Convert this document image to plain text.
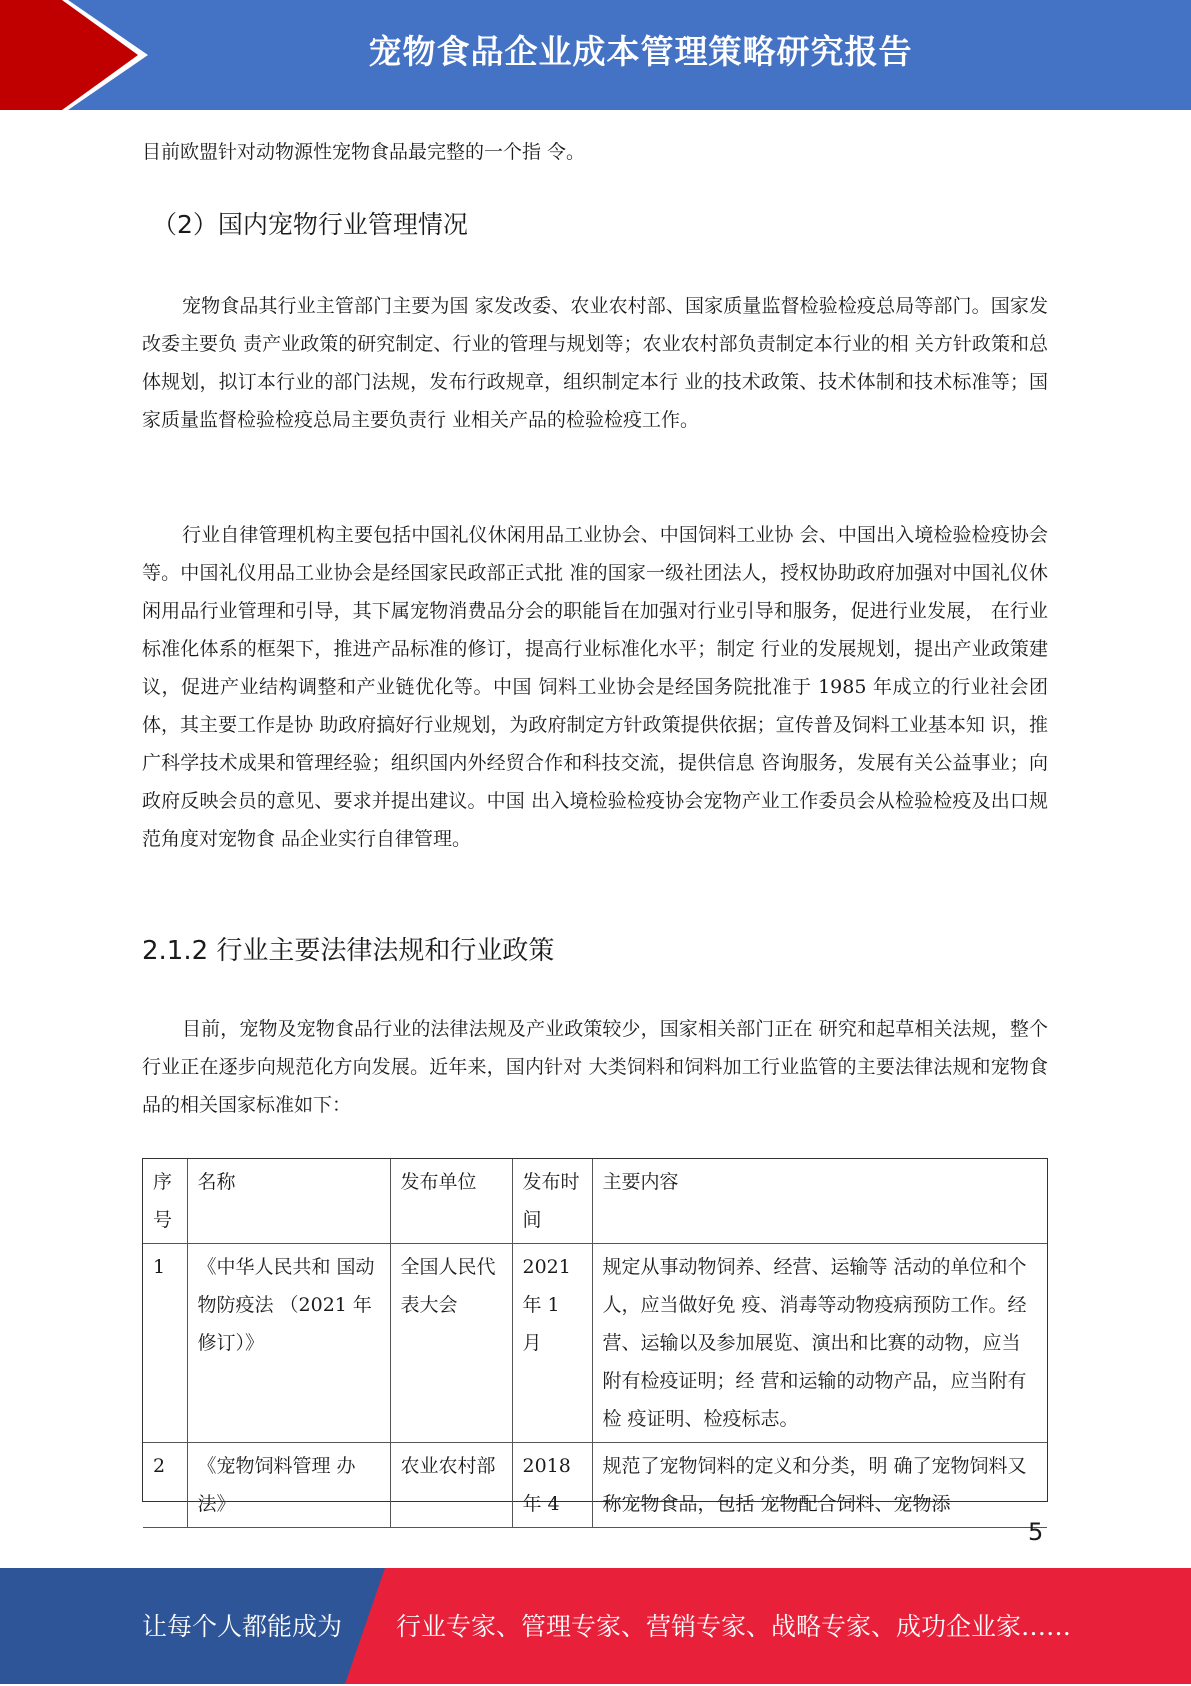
宠物食品企业成本管理策略研究报告

目前欧盟针对动物源性宠物食品最完整的一个指 令。

（2）国内宠物行业管理情况

宠物食品其行业主管部门主要为国 家发改委、农业农村部、国家质量监督检验检疫总局等部门。国家发改委主要负 责产业政策的研究制定、行业的管理与规划等；农业农村部负责制定本行业的相 关方针政策和总体规划，拟订本行业的部门法规，发布行政规章，组织制定本行 业的技术政策、技术体制和技术标准等；国家质量监督检验检疫总局主要负责行 业相关产品的检验检疫工作。

行业自律管理机构主要包括中国礼仪休闲用品工业协会、中国饲料工业协 会、中国出入境检验检疫协会等。中国礼仪用品工业协会是经国家民政部正式批 准的国家一级社团法人，授权协助政府加强对中国礼仪休闲用品行业管理和引导，其下属宠物消费品分会的职能旨在加强对行业引导和服务，促进行业发展， 在行业标准化体系的框架下，推进产品标准的修订，提高行业标准化水平；制定 行业的发展规划，提出产业政策建议，促进产业结构调整和产业链优化等。中国 饲料工业协会是经国务院批准于 1985 年成立的行业社会团体，其主要工作是协 助政府搞好行业规划，为政府制定方针政策提供依据；宣传普及饲料工业基本知 识，推广科学技术成果和管理经验；组织国内外经贸合作和科技交流，提供信息 咨询服务，发展有关公益事业；向政府反映会员的意见、要求并提出建议。中国 出入境检验检疫协会宠物产业工作委员会从检验检疫及出口规范角度对宠物食 品企业实行自律管理。

2.1.2 行业主要法律法规和行业政策

目前，宠物及宠物食品行业的法律法规及产业政策较少，国家相关部门正在 研究和起草相关法规，整个行业正在逐步向规范化方向发展。近年来，国内针对 大类饲料和饲料加工行业监管的主要法律法规和宠物食品的相关国家标准如下：

序号	名称	发布单位	发布时间	主要内容
1	《中华人民共和 国动物防疫法 （2021 年修订）》	全国人民代 表大会	2021 年 1 月	规定从事动物饲养、经营、运输等 活动的单位和个人，应当做好免 疫、消毒等动物疫病预防工作。经 营、运输以及参加展览、演出和比赛的动物，应当附有检疫证明；经 营和运输的动物产品，应当附有检 疫证明、检疫标志。
2	《宠物饲料管理 办法》	农业农村部	2018 年 4	规范了宠物饲料的定义和分类，明 确了宠物饲料又称宠物食品，包括 宠物配合饲料、宠物添
5
让每个人都能成为 行业专家、管理专家、营销专家、战略专家、成功企业家……
